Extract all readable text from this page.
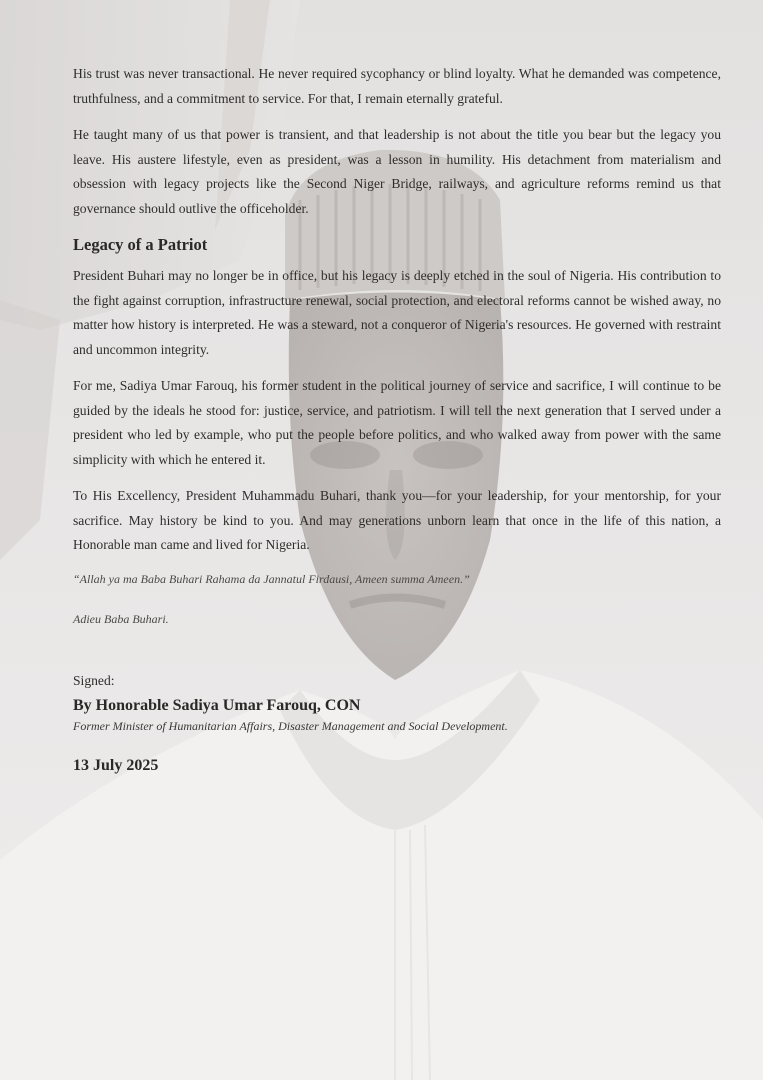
His trust was never transactional. He never required sycophancy or blind loyalty. What he demanded was competence, truthfulness, and a commitment to service. For that, I remain eternally grateful.

He taught many of us that power is transient, and that leadership is not about the title you bear but the legacy you leave. His austere lifestyle, even as president, was a lesson in humility. His detachment from materialism and obsession with legacy projects like the Second Niger Bridge, railways, and agriculture reforms remind us that governance should outlive the officeholder.

Legacy of a Patriot

President Buhari may no longer be in office, but his legacy is deeply etched in the soul of Nigeria. His contribution to the fight against corruption, infrastructure renewal, social protection, and electoral reforms cannot be wished away, no matter how history is interpreted. He was a steward, not a conqueror of Nigeria's resources. He governed with restraint and uncommon integrity.

For me, Sadiya Umar Farouq, his former student in the political journey of service and sacrifice, I will continue to be guided by the ideals he stood for: justice, service, and patriotism. I will tell the next generation that I served under a president who led by example, who put the people before politics, and who walked away from power with the same simplicity with which he entered it.

To His Excellency, President Muhammadu Buhari, thank you—for your leadership, for your mentorship, for your sacrifice. May history be kind to you. And may generations unborn learn that once in the life of this nation, a Honorable man came and lived for Nigeria.

“Allah ya ma Baba Buhari Rahama da Jannatul Firdausi, Ameen summa Ameen.”

Adieu Baba Buhari.

Signed:

By Honorable Sadiya Umar Farouq, CON

Former Minister of Humanitarian Affairs, Disaster Management and Social Development.

13 July 2025
